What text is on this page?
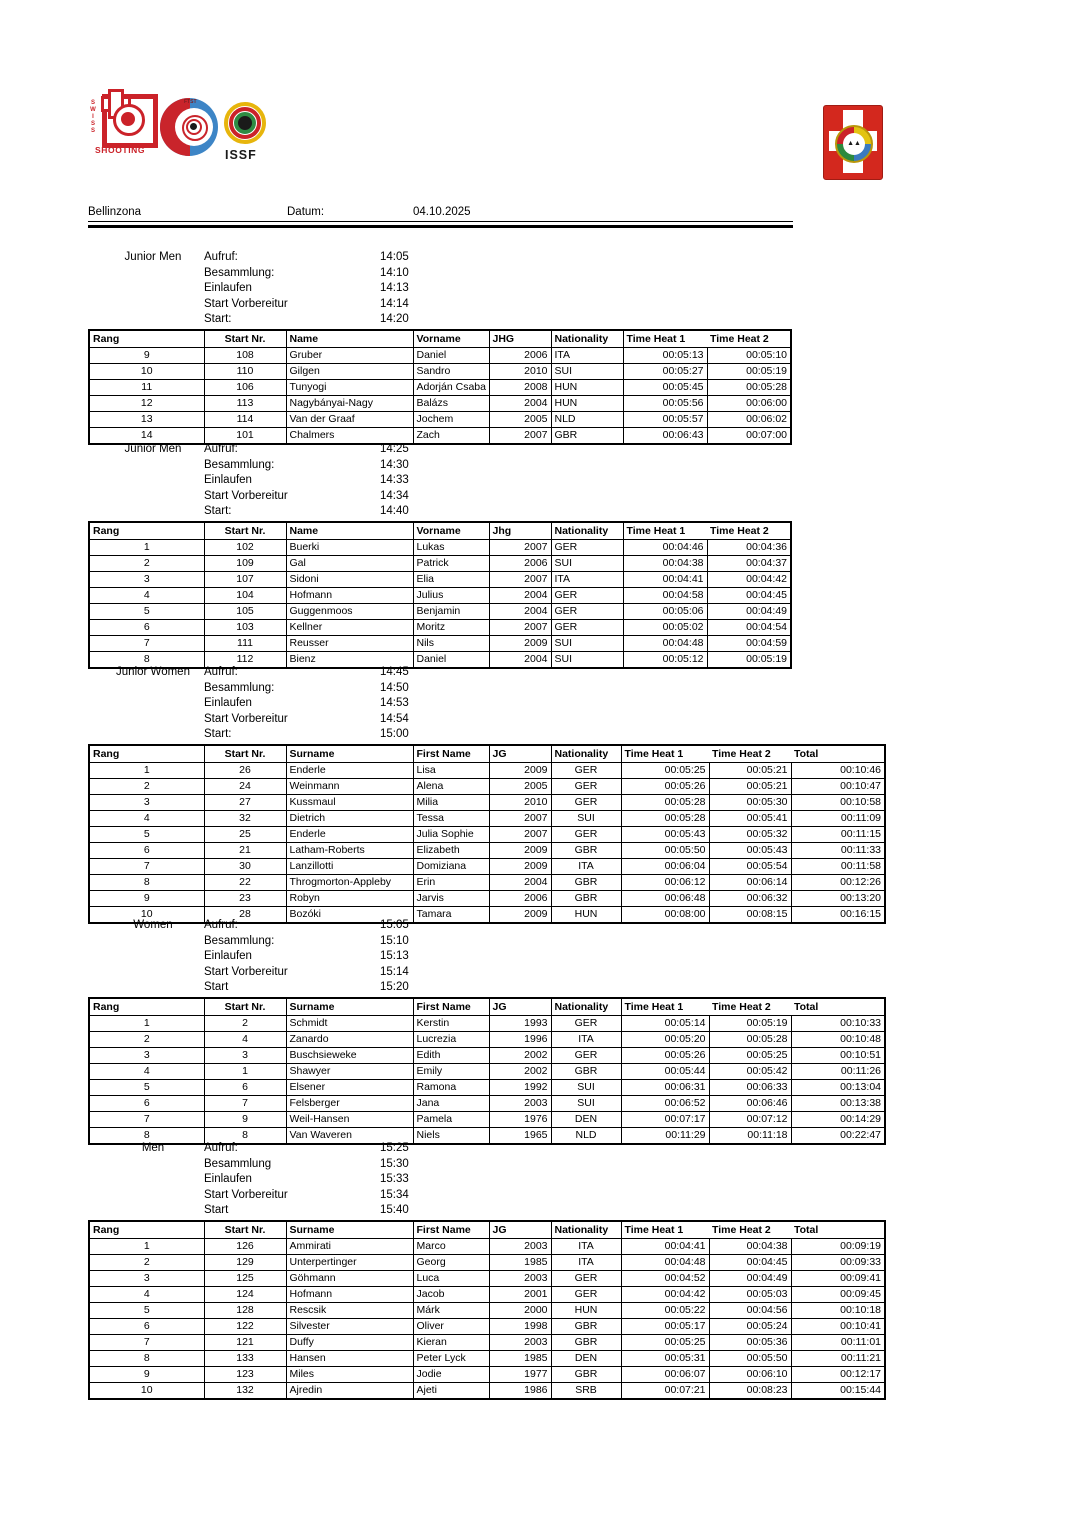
SWISS
SHOOTING
FTST
ISSF
▲▲
Bellinzona	Datum:	04.10.2025
Junior Men	Aufruf:	14:05
Besammlung:	14:10
Einlaufen	14:13
Start Vorbereitur	14:14
Start:	14:20
Rang	Start Nr.	Name	Vorname	JHG	Nationality	Time Heat 1	Time Heat 2
9	108	Gruber	Daniel	2006	ITA	00:05:13	00:05:10
10	110	Gilgen	Sandro	2010	SUI	00:05:27	00:05:19
11	106	Tunyogi	Adorján Csaba	2008	HUN	00:05:45	00:05:28
12	113	Nagybányai-Nagy	Balázs	2004	HUN	00:05:56	00:06:00
13	114	Van der Graaf	Jochem	2005	NLD	00:05:57	00:06:02
14	101	Chalmers	Zach	2007	GBR	00:06:43	00:07:00
Junior Men	Aufruf:	14:25
Besammlung:	14:30
Einlaufen	14:33
Start Vorbereitur	14:34
Start:	14:40
Rang	Start Nr.	Name	Vorname	Jhg	Nationality	Time Heat 1	Time Heat 2
1	102	Buerki	Lukas	2007	GER	00:04:46	00:04:36
2	109	Gal	Patrick	2006	SUI	00:04:38	00:04:37
3	107	Sidoni	Elia	2007	ITA	00:04:41	00:04:42
4	104	Hofmann	Julius	2004	GER	00:04:58	00:04:45
5	105	Guggenmoos	Benjamin	2004	GER	00:05:06	00:04:49
6	103	Kellner	Moritz	2007	GER	00:05:02	00:04:54
7	111	Reusser	Nils	2009	SUI	00:04:48	00:04:59
8	112	Bienz	Daniel	2004	SUI	00:05:12	00:05:19
Junior Women	Aufruf:	14:45
Besammlung:	14:50
Einlaufen	14:53
Start Vorbereitur	14:54
Start:	15:00
Rang	Start Nr.	Surname	First Name	JG	Nationality	Time Heat 1	Time Heat 2	Total
1	26	Enderle	Lisa	2009	GER	00:05:25	00:05:21	00:10:46
2	24	Weinmann	Alena	2005	GER	00:05:26	00:05:21	00:10:47
3	27	Kussmaul	Milia	2010	GER	00:05:28	00:05:30	00:10:58
4	32	Dietrich	Tessa	2007	SUI	00:05:28	00:05:41	00:11:09
5	25	Enderle	Julia Sophie	2007	GER	00:05:43	00:05:32	00:11:15
6	21	Latham-Roberts	Elizabeth	2009	GBR	00:05:50	00:05:43	00:11:33
7	30	Lanzillotti	Domiziana	2009	ITA	00:06:04	00:05:54	00:11:58
8	22	Throgmorton-Appleby	Erin	2004	GBR	00:06:12	00:06:14	00:12:26
9	23	Robyn	Jarvis	2006	GBR	00:06:48	00:06:32	00:13:20
10	28	Bozóki	Tamara	2009	HUN	00:08:00	00:08:15	00:16:15
Women	Aufruf:	15:05
Besammlung:	15:10
Einlaufen	15:13
Start Vorbereitur	15:14
Start	15:20
Rang	Start Nr.	Surname	First Name	JG	Nationality	Time Heat 1	Time Heat 2	Total
1	2	Schmidt	Kerstin	1993	GER	00:05:14	00:05:19	00:10:33
2	4	Zanardo	Lucrezia	1996	ITA	00:05:20	00:05:28	00:10:48
3	3	Buschsieweke	Edith	2002	GER	00:05:26	00:05:25	00:10:51
4	1	Shawyer	Emily	2002	GBR	00:05:44	00:05:42	00:11:26
5	6	Elsener	Ramona	1992	SUI	00:06:31	00:06:33	00:13:04
6	7	Felsberger	Jana	2003	SUI	00:06:52	00:06:46	00:13:38
7	9	Weil-Hansen	Pamela	1976	DEN	00:07:17	00:07:12	00:14:29
8	8	Van Waveren	Niels	1965	NLD	00:11:29	00:11:18	00:22:47
Men	Aufruf:	15:25
Besammlung	15:30
Einlaufen	15:33
Start Vorbereitur	15:34
Start	15:40
Rang	Start Nr.	Surname	First Name	JG	Nationality	Time Heat 1	Time Heat 2	Total
1	126	Ammirati	Marco	2003	ITA	00:04:41	00:04:38	00:09:19
2	129	Unterpertinger	Georg	1985	ITA	00:04:48	00:04:45	00:09:33
3	125	Göhmann	Luca	2003	GER	00:04:52	00:04:49	00:09:41
4	124	Hofmann	Jacob	2001	GER	00:04:42	00:05:03	00:09:45
5	128	Rescsik	Márk	2000	HUN	00:05:22	00:04:56	00:10:18
6	122	Silvester	Oliver	1998	GBR	00:05:17	00:05:24	00:10:41
7	121	Duffy	Kieran	2003	GBR	00:05:25	00:05:36	00:11:01
8	133	Hansen	Peter Lyck	1985	DEN	00:05:31	00:05:50	00:11:21
9	123	Miles	Jodie	1977	GBR	00:06:07	00:06:10	00:12:17
10	132	Ajredin	Ajeti	1986	SRB	00:07:21	00:08:23	00:15:44
